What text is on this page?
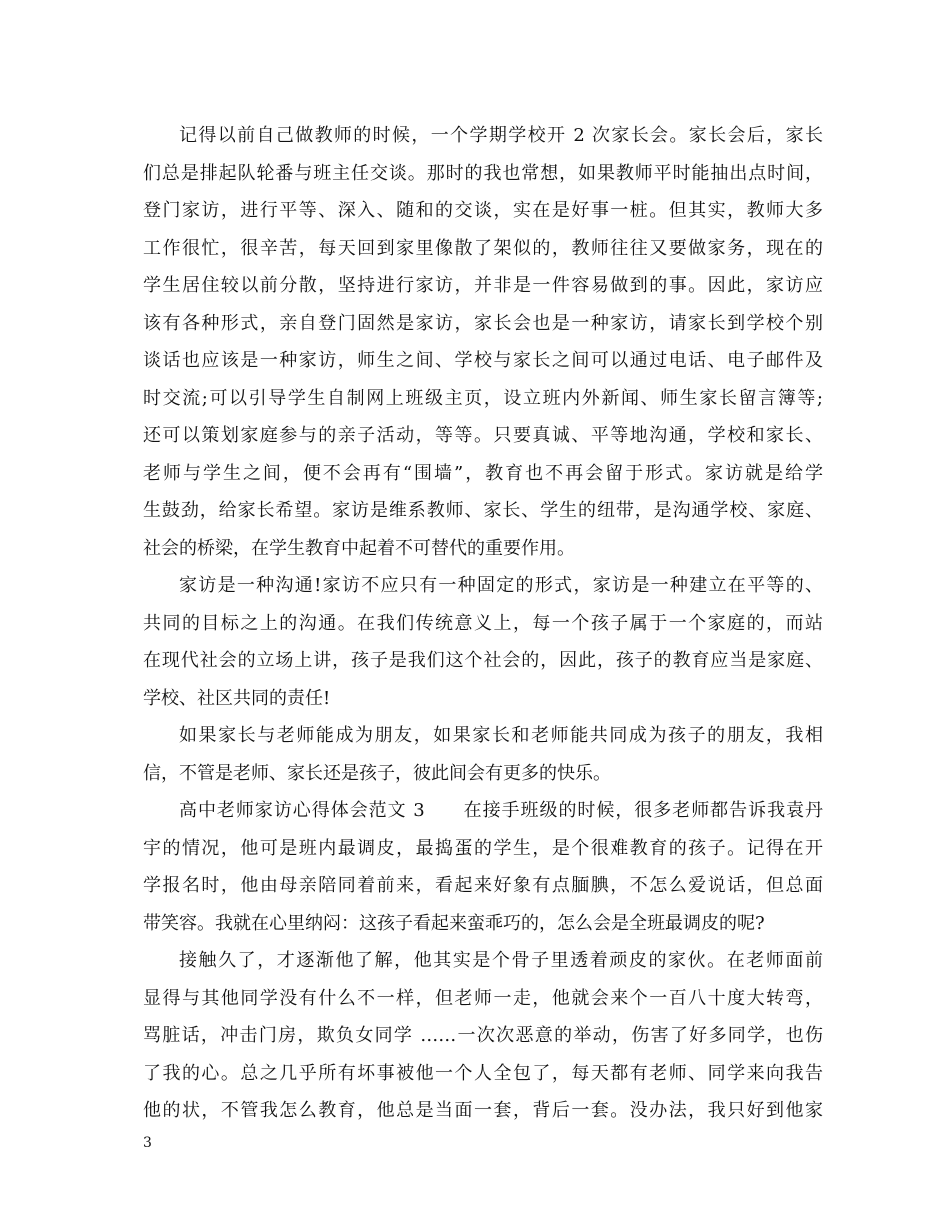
记得以前自己做教师的时候，一个学期学校开 2 次家长会。家长会后，家长
们总是排起队轮番与班主任交谈。那时的我也常想，如果教师平时能抽出点时间，
登门家访，进行平等、深入、随和的交谈，实在是好事一桩。但其实，教师大多
工作很忙，很辛苦，每天回到家里像散了架似的，教师往往又要做家务，现在的
学生居住较以前分散，坚持进行家访，并非是一件容易做到的事。因此，家访应
该有各种形式，亲自登门固然是家访，家长会也是一种家访，请家长到学校个别
谈话也应该是一种家访，师生之间、学校与家长之间可以通过电话、电子邮件及
时交流;可以引导学生自制网上班级主页，设立班内外新闻、师生家长留言簿等;
还可以策划家庭参与的亲子活动，等等。只要真诚、平等地沟通，学校和家长、
老师与学生之间，便不会再有“围墙”，教育也不再会留于形式。家访就是给学
生鼓劲，给家长希望。家访是维系教师、家长、学生的纽带，是沟通学校、家庭、
社会的桥梁，在学生教育中起着不可替代的重要作用。
家访是一种沟通!家访不应只有一种固定的形式，家访是一种建立在平等的、
共同的目标之上的沟通。在我们传统意义上，每一个孩子属于一个家庭的，而站
在现代社会的立场上讲，孩子是我们这个社会的，因此，孩子的教育应当是家庭、
学校、社区共同的责任!
如果家长与老师能成为朋友，如果家长和老师能共同成为孩子的朋友，我相
信，不管是老师、家长还是孩子，彼此间会有更多的快乐。
高中老师家访心得体会范文 3　　在接手班级的时候，很多老师都告诉我袁丹
宇的情况，他可是班内最调皮，最捣蛋的学生，是个很难教育的孩子。记得在开
学报名时，他由母亲陪同着前来，看起来好象有点腼腆，不怎么爱说话，但总面
带笑容。我就在心里纳闷：这孩子看起来蛮乖巧的，怎么会是全班最调皮的呢?
接触久了，才逐渐他了解，他其实是个骨子里透着顽皮的家伙。在老师面前
显得与其他同学没有什么不一样，但老师一走，他就会来个一百八十度大转弯，
骂脏话，冲击门房，欺负女同学 ……一次次恶意的举动，伤害了好多同学，也伤
了我的心。总之几乎所有坏事被他一个人全包了，每天都有老师、同学来向我告
他的状，不管我怎么教育，他总是当面一套，背后一套。没办法，我只好到他家
3
